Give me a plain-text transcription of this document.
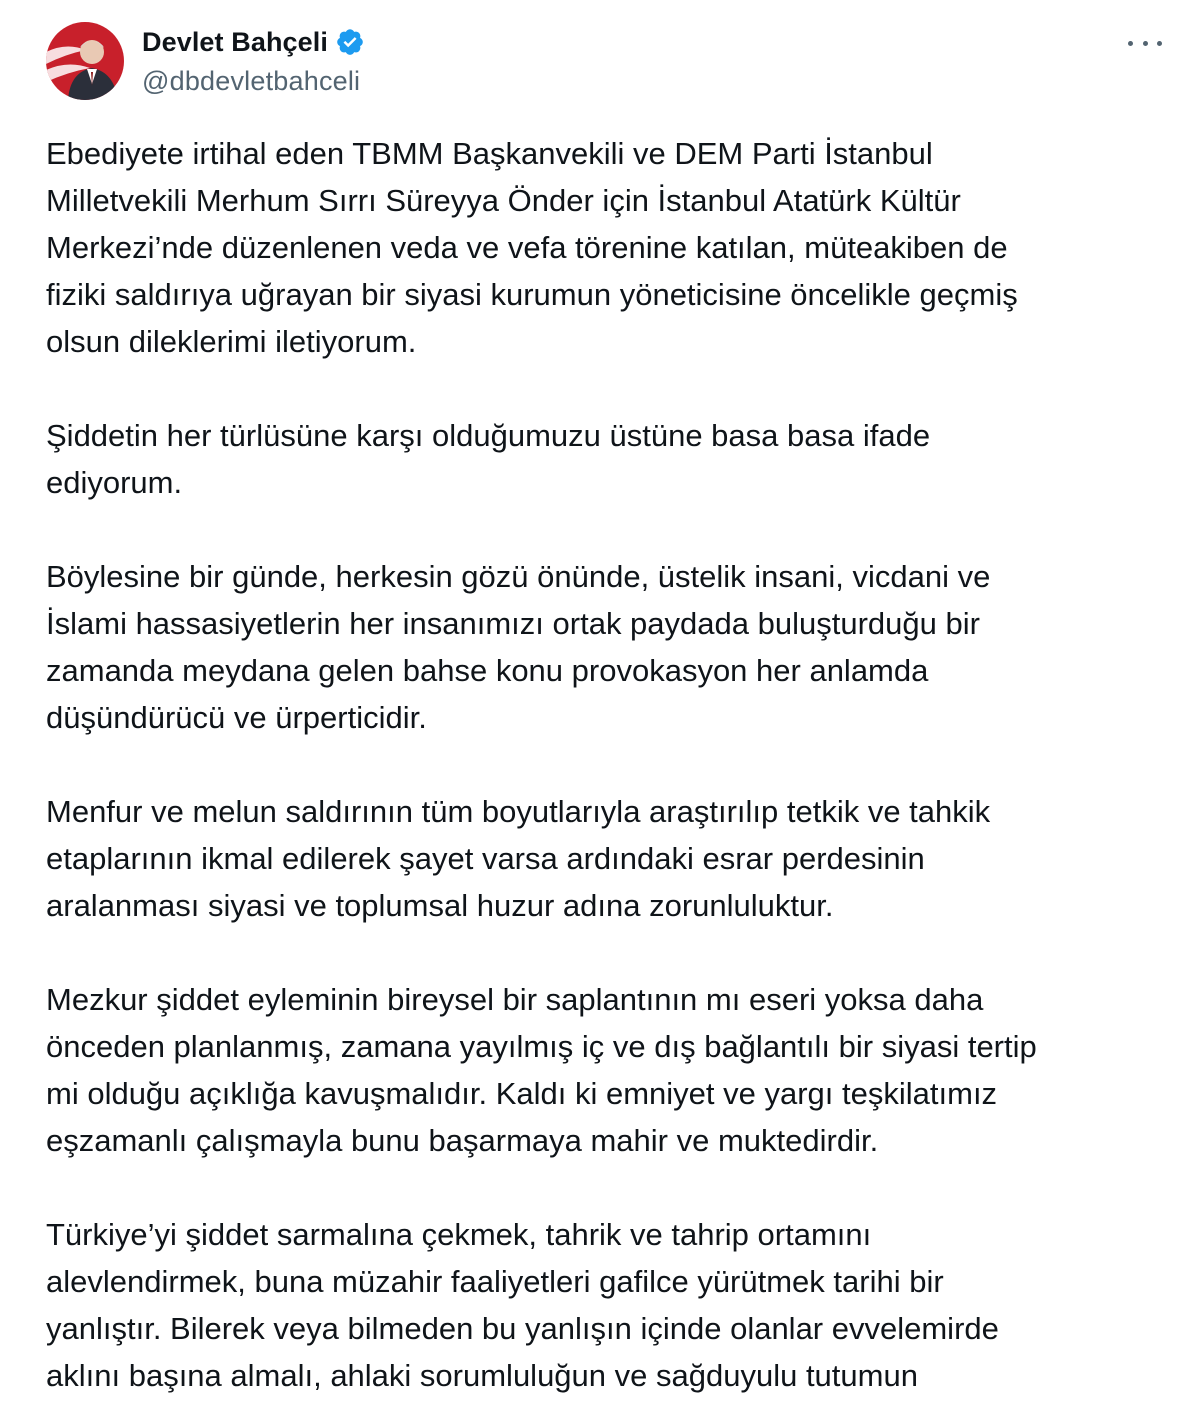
Devlet Bahçeli
@dbdevletbahceli

Ebediyete irtihal eden TBMM Başkanvekili ve DEM Parti İstanbul
Milletvekili Merhum Sırrı Süreyya Önder için İstanbul Atatürk Kültür
Merkezi’nde düzenlenen veda ve vefa törenine katılan, müteakiben de
fiziki saldırıya uğrayan bir siyasi kurumun yöneticisine öncelikle geçmiş
olsun dileklerimi iletiyorum.

Şiddetin her türlüsüne karşı olduğumuzu üstüne basa basa ifade
ediyorum.

Böylesine bir günde, herkesin gözü önünde, üstelik insani, vicdani ve
İslami hassasiyetlerin her insanımızı ortak paydada buluşturduğu bir
zamanda meydana gelen bahse konu provokasyon her anlamda
düşündürücü ve ürperticidir.

Menfur ve melun saldırının tüm boyutlarıyla araştırılıp tetkik ve tahkik
etaplarının ikmal edilerek şayet varsa ardındaki esrar perdesinin
aralanması siyasi ve toplumsal huzur adına zorunluluktur.

Mezkur şiddet eyleminin bireysel bir saplantının mı eseri yoksa daha
önceden planlanmış, zamana yayılmış iç ve dış bağlantılı bir siyasi tertip
mi olduğu açıklığa kavuşmalıdır. Kaldı ki emniyet ve yargı teşkilatımız
eşzamanlı çalışmayla bunu başarmaya mahir ve muktedirdir.

Türkiye’yi şiddet sarmalına çekmek, tahrik ve tahrip ortamını
alevlendirmek, buna müzahir faaliyetleri gafilce yürütmek tarihi bir
yanlıştır. Bilerek veya bilmeden bu yanlışın içinde olanlar evvelemirde
aklını başına almalı, ahlaki sorumluluğun ve sağduyulu tutumun
